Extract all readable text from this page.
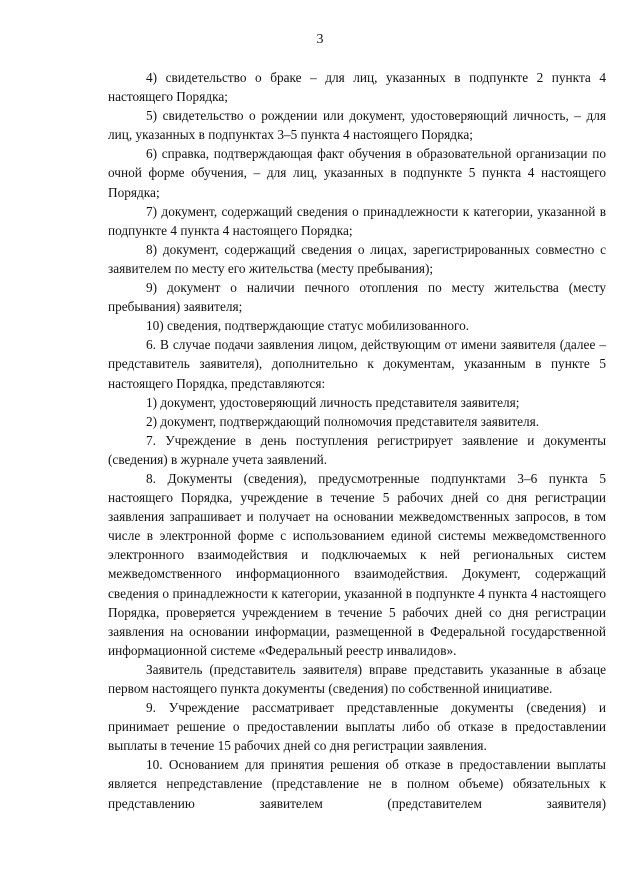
3

4) свидетельство о браке – для лиц, указанных в подпункте 2 пункта 4 настоящего Порядка;

5) свидетельство о рождении или документ, удостоверяющий личность, – для лиц, указанных в подпунктах 3–5 пункта 4 настоящего Порядка;

6) справка, подтверждающая факт обучения в образовательной организации по очной форме обучения, – для лиц, указанных в подпункте 5 пункта 4 настоящего Порядка;

7) документ, содержащий сведения о принадлежности к категории, указанной в подпункте 4 пункта 4 настоящего Порядка;

8) документ, содержащий сведения о лицах, зарегистрированных совместно с заявителем по месту его жительства (месту пребывания);

9) документ о наличии печного отопления по месту жительства (месту пребывания) заявителя;

10) сведения, подтверждающие статус мобилизованного.

6. В случае подачи заявления лицом, действующим от имени заявителя (далее – представитель заявителя), дополнительно к документам, указанным в пункте 5 настоящего Порядка, представляются:

1) документ, удостоверяющий личность представителя заявителя;

2) документ, подтверждающий полномочия представителя заявителя.

7. Учреждение в день поступления регистрирует заявление и документы (сведения) в журнале учета заявлений.

8. Документы (сведения), предусмотренные подпунктами 3–6 пункта 5 настоящего Порядка, учреждение в течение 5 рабочих дней со дня регистрации заявления запрашивает и получает на основании межведомственных запросов, в том числе в электронной форме с использованием единой системы межведомственного электронного взаимодействия и подключаемых к ней региональных систем межведомственного информационного взаимодействия. Документ, содержащий сведения о принадлежности к категории, указанной в подпункте 4 пункта 4 настоящего Порядка, проверяется учреждением в течение 5 рабочих дней со дня регистрации заявления на основании информации, размещенной в Федеральной государственной информационной системе «Федеральный реестр инвалидов».

Заявитель (представитель заявителя) вправе представить указанные в абзаце первом настоящего пункта документы (сведения) по собственной инициативе.

9. Учреждение рассматривает представленные документы (сведения) и принимает решение о предоставлении выплаты либо об отказе в предоставлении выплаты в течение 15 рабочих дней со дня регистрации заявления.

10. Основанием для принятия решения об отказе в предоставлении выплаты является непредставление (представление не в полном объеме) обязательных к представлению заявителем (представителем заявителя)
